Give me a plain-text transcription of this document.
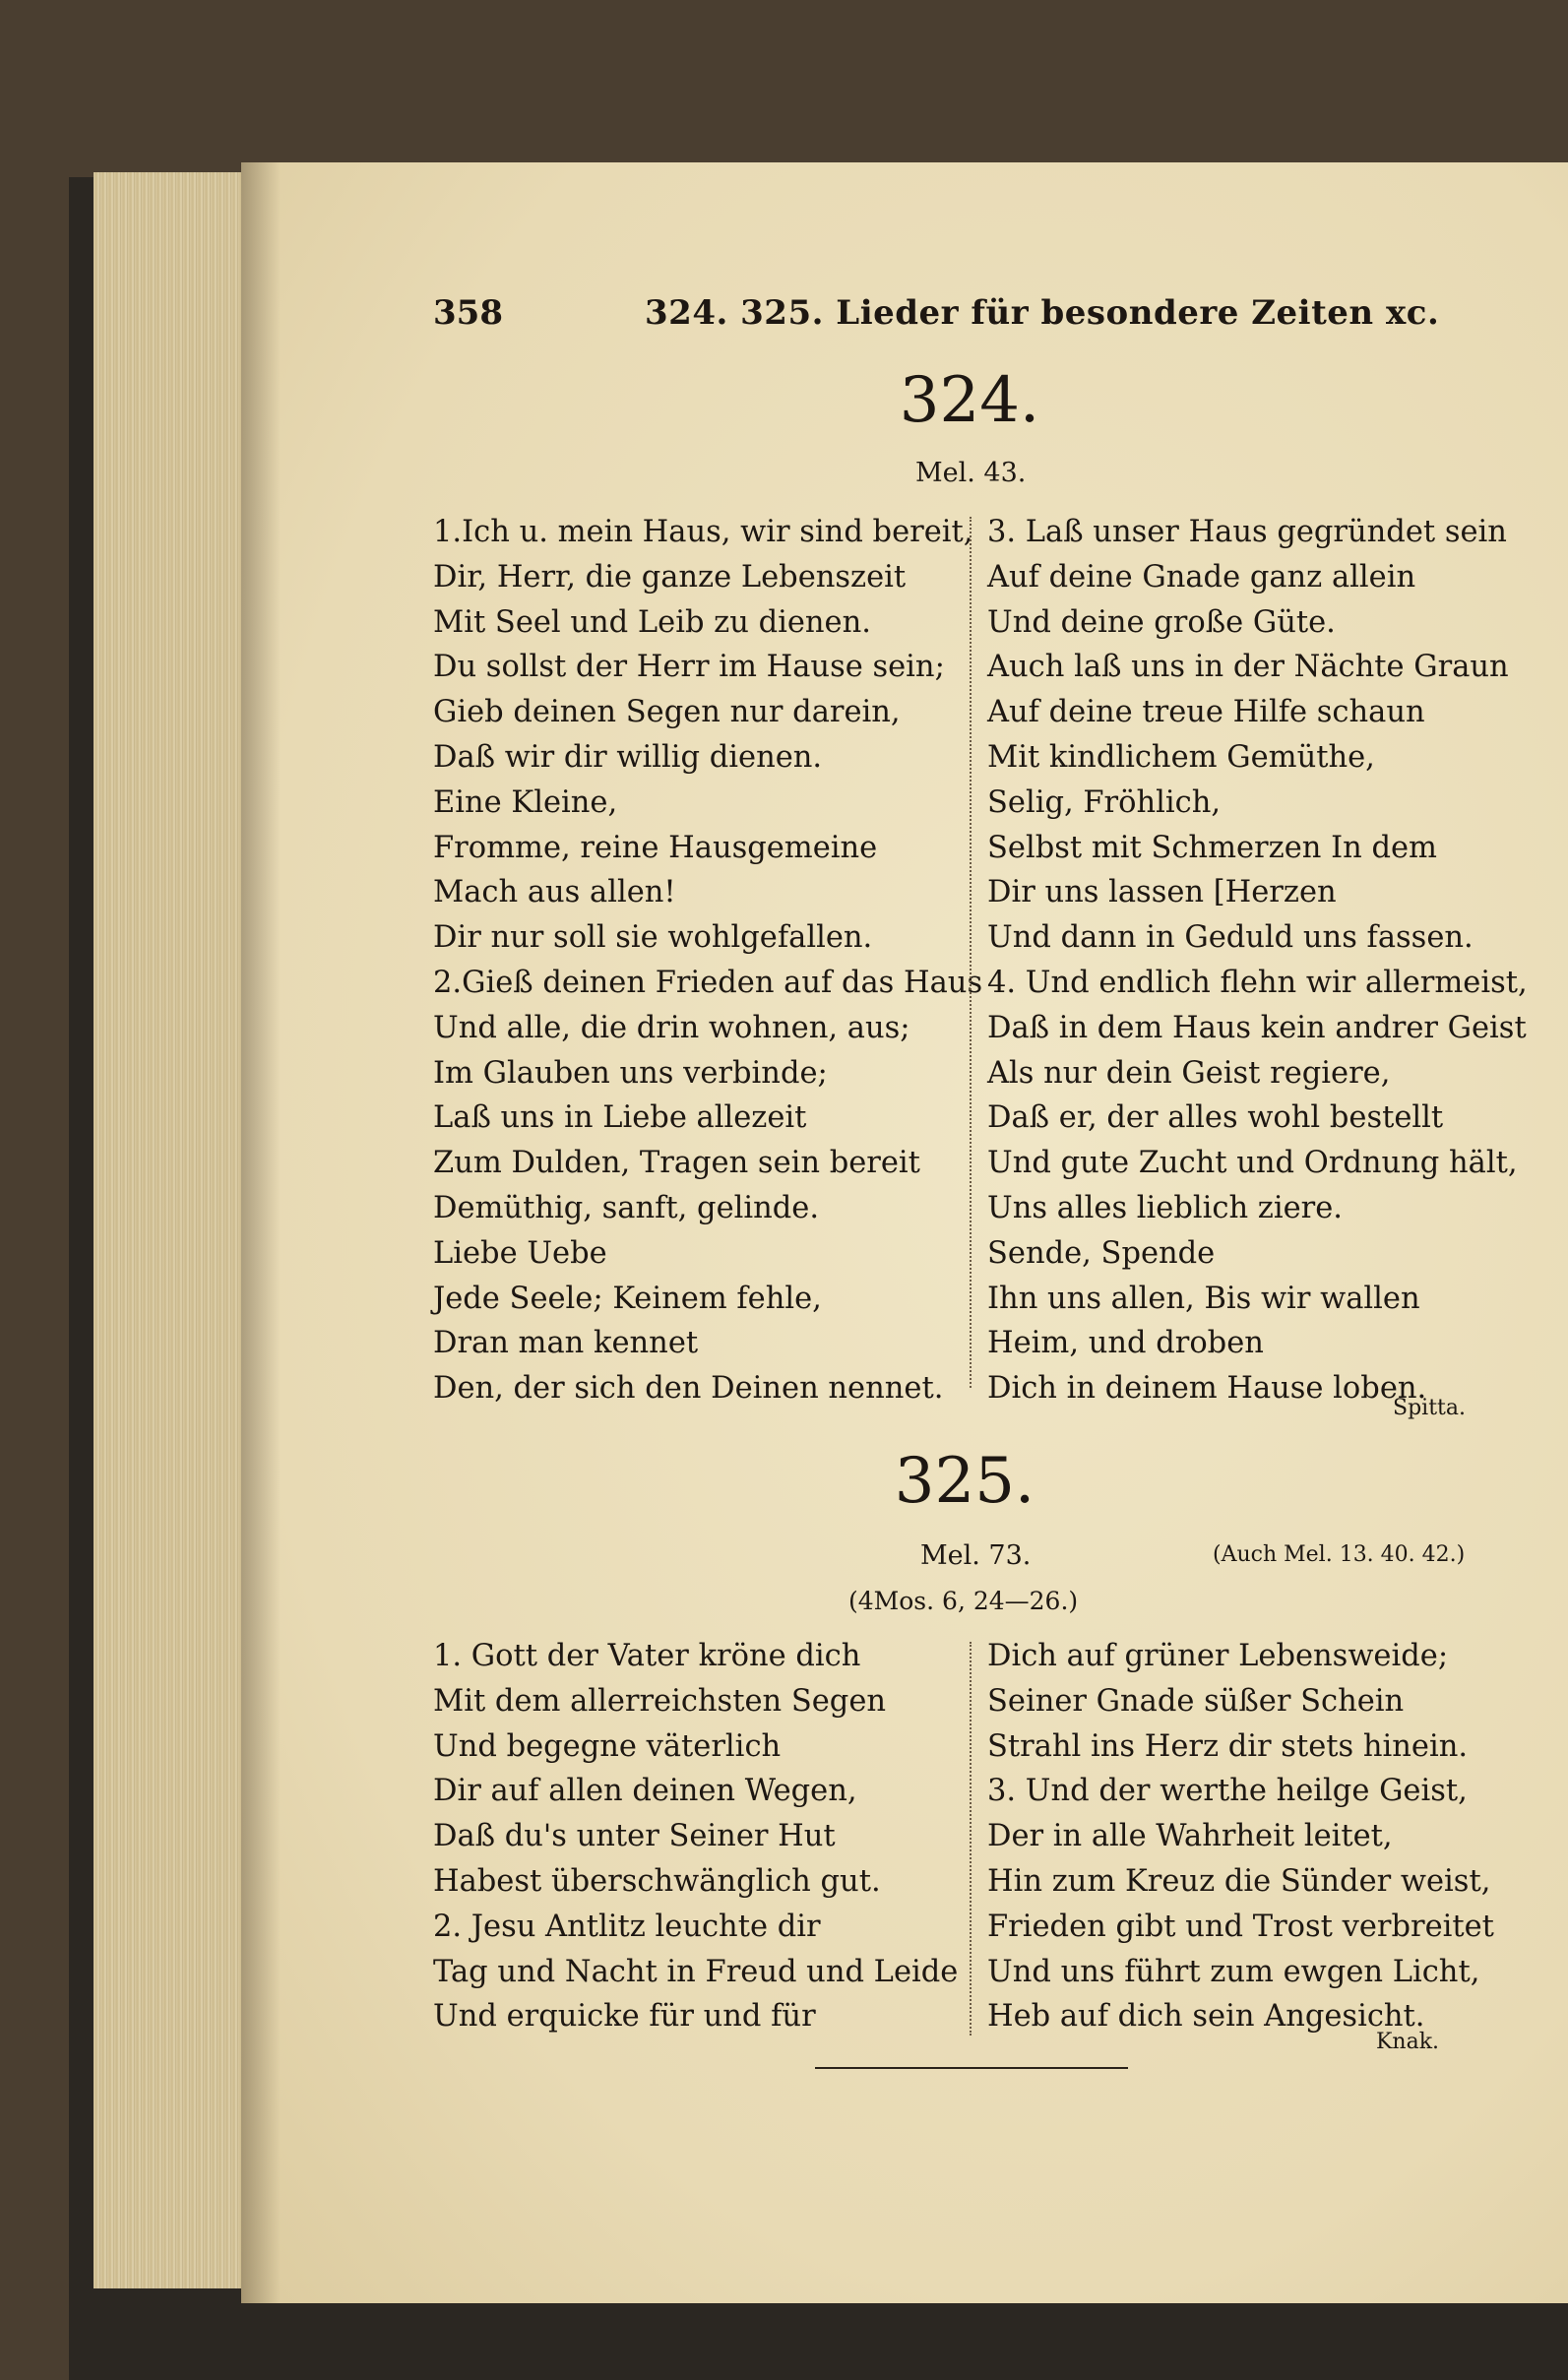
358	324. 325. Lieder für besondere Zeiten xc.
324.
Mel. 43.
1.Ich u. mein Haus, wir sind bereit,
Dir, Herr, die ganze Lebenszeit
Mit Seel und Leib zu dienen.
Du sollst der Herr im Hause sein;
Gieb deinen Segen nur darein,
Daß wir dir willig dienen.
Eine Kleine,
Fromme, reine Hausgemeine
Mach aus allen!
Dir nur soll sie wohlgefallen.
2.Gieß deinen Frieden auf das Haus
Und alle, die drin wohnen, aus;
Im Glauben uns verbinde;
Laß uns in Liebe allezeit
Zum Dulden, Tragen sein bereit
Demüthig, sanft, gelinde.
Liebe Uebe
Jede Seele; Keinem fehle,
Dran man kennet
Den, der sich den Deinen nennet.
3. Laß unser Haus gegründet sein
Auf deine Gnade ganz allein
Und deine große Güte.
Auch laß uns in der Nächte Graun
Auf deine treue Hilfe schaun
Mit kindlichem Gemüthe,
Selig, Fröhlich,
Selbst mit Schmerzen In dem
Dir uns lassen [Herzen
Und dann in Geduld uns fassen.
4. Und endlich flehn wir allermeist,
Daß in dem Haus kein andrer Geist
Als nur dein Geist regiere,
Daß er, der alles wohl bestellt
Und gute Zucht und Ordnung hält,
Uns alles lieblich ziere.
Sende, Spende
Ihn uns allen, Bis wir wallen
Heim, und droben
Dich in deinem Hause loben.
Spitta.
325.
Mel. 73.	(Auch Mel. 13. 40. 42.)
(4Mos. 6, 24—26.)
1. Gott der Vater kröne dich
Mit dem allerreichsten Segen
Und begegne väterlich
Dir auf allen deinen Wegen,
Daß du's unter Seiner Hut
Habest überschwänglich gut.
2. Jesu Antlitz leuchte dir
Tag und Nacht in Freud und Leide
Und erquicke für und für
Dich auf grüner Lebensweide;
Seiner Gnade süßer Schein
Strahl ins Herz dir stets hinein.
3. Und der werthe heilge Geist,
Der in alle Wahrheit leitet,
Hin zum Kreuz die Sünder weist,
Frieden gibt und Trost verbreitet
Und uns führt zum ewgen Licht,
Heb auf dich sein Angesicht.
Knak.
